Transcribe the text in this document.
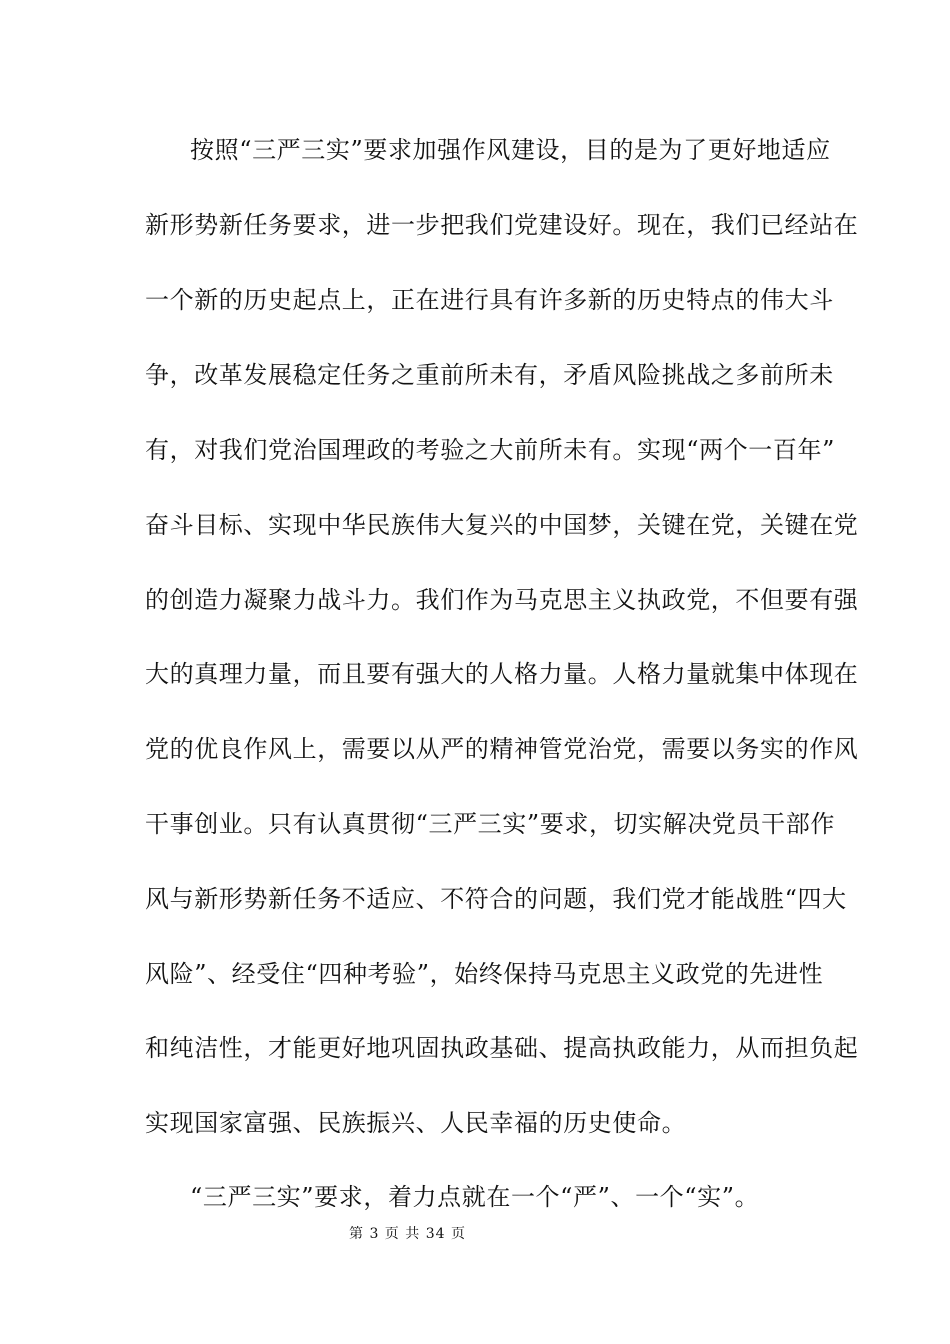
按照“三严三实”要求加强作风建设，目的是为了更好地适应
新形势新任务要求，进一步把我们党建设好。现在，我们已经站在
一个新的历史起点上，正在进行具有许多新的历史特点的伟大斗
争，改革发展稳定任务之重前所未有，矛盾风险挑战之多前所未
有，对我们党治国理政的考验之大前所未有。实现“两个一百年”
奋斗目标、实现中华民族伟大复兴的中国梦，关键在党，关键在党
的创造力凝聚力战斗力。我们作为马克思主义执政党，不但要有强
大的真理力量，而且要有强大的人格力量。人格力量就集中体现在
党的优良作风上，需要以从严的精神管党治党，需要以务实的作风
干事创业。只有认真贯彻“三严三实”要求，切实解决党员干部作
风与新形势新任务不适应、不符合的问题，我们党才能战胜“四大
风险”、经受住“四种考验”，始终保持马克思主义政党的先进性
和纯洁性，才能更好地巩固执政基础、提高执政能力，从而担负起
实现国家富强、民族振兴、人民幸福的历史使命。
“三严三实”要求，着力点就在一个“严”、一个“实”。
第 3 页 共 34 页
